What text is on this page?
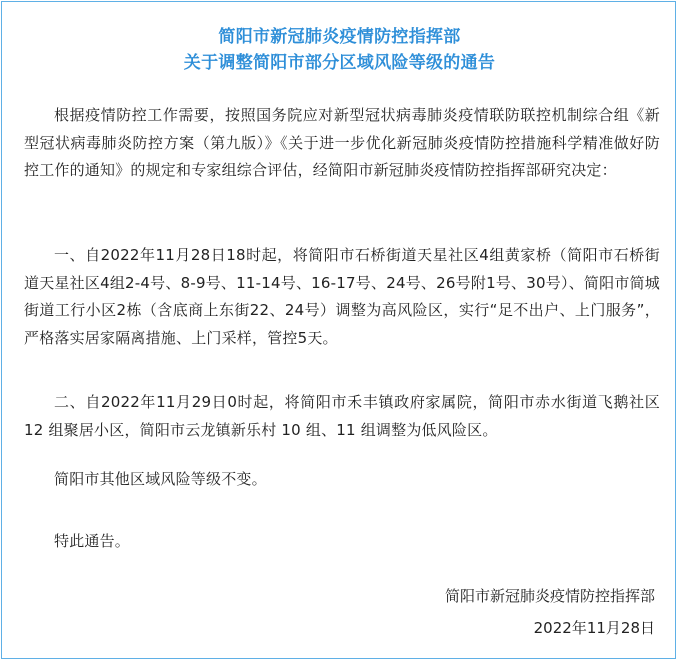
简阳市新冠肺炎疫情防控指挥部
关于调整简阳市部分区域风险等级的通告

根据疫情防控工作需要，按照国务院应对新型冠状病毒肺炎疫情联防联控机制综合组《新型冠状病毒肺炎防控方案（第九版）》《关于进一步优化新冠肺炎疫情防控措施科学精准做好防控工作的通知》的规定和专家组综合评估，经简阳市新冠肺炎疫情防控指挥部研究决定：

一、自2022年11月28日18时起，将简阳市石桥街道天星社区4组黄家桥（简阳市石桥街道天星社区4组2-4号、8-9号、11-14号、16-17号、24号、26号附1号、30号）、简阳市简城街道工行小区2栋（含底商上东街22、24号）调整为高风险区，实行“足不出户、上门服务”，严格落实居家隔离措施、上门采样，管控5天。

二、自2022年11月29日0时起，将简阳市禾丰镇政府家属院，简阳市赤水街道飞鹅社区 12 组聚居小区，简阳市云龙镇新乐村 10 组、11 组调整为低风险区。

简阳市其他区域风险等级不变。

特此通告。

简阳市新冠肺炎疫情防控指挥部
2022年11月28日
